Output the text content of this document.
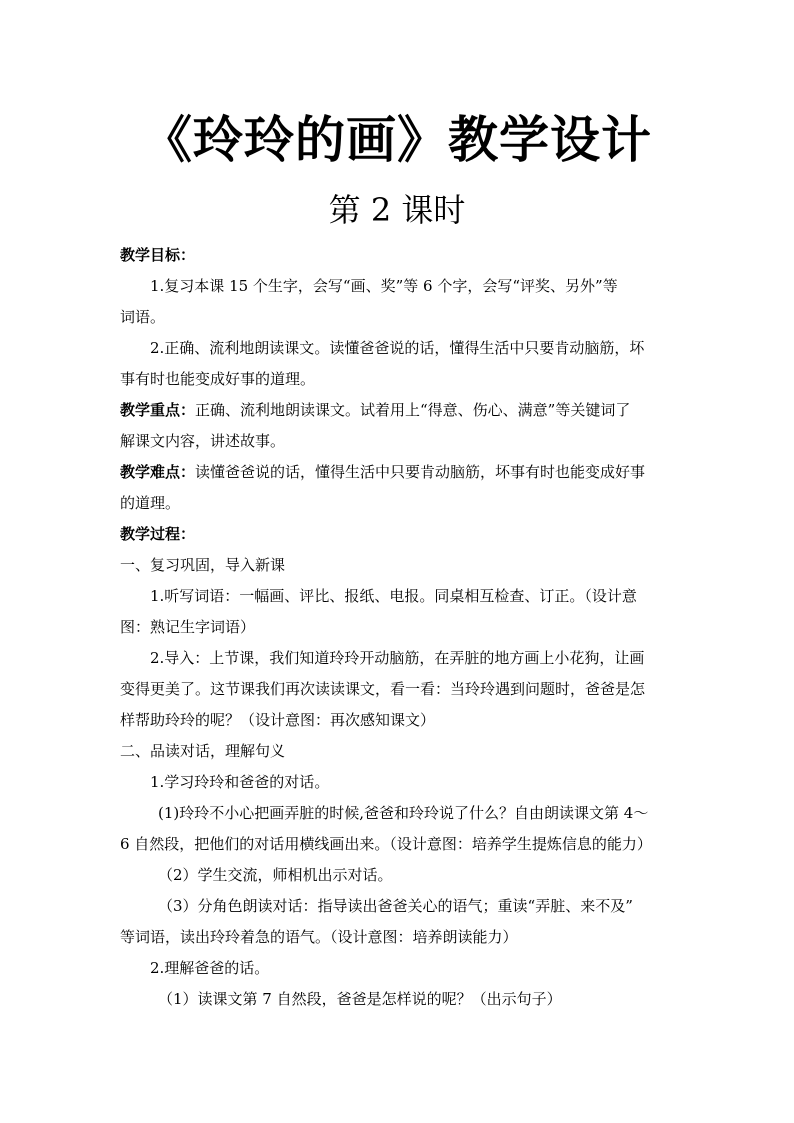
《玲玲的画》教学设计
第 2 课时
教学目标：
1.复习本课 15 个生字，会写“画、奖”等 6 个字，会写“评奖、另外”等
词语。
2.正确、流利地朗读课文。读懂爸爸说的话，懂得生活中只要肯动脑筋，坏
事有时也能变成好事的道理。
教学重点：正确、流利地朗读课文。试着用上“得意、伤心、满意”等关键词了
解课文内容，讲述故事。
教学难点：读懂爸爸说的话，懂得生活中只要肯动脑筋，坏事有时也能变成好事
的道理。
教学过程：
一、复习巩固，导入新课
1.听写词语：一幅画、评比、报纸、电报。同桌相互检查、订正。（设计意
图：熟记生字词语）
2.导入：上节课，我们知道玲玲开动脑筋，在弄脏的地方画上小花狗，让画
变得更美了。这节课我们再次读读课文，看一看：当玲玲遇到问题时，爸爸是怎
样帮助玲玲的呢？（设计意图：再次感知课文）
二、品读对话，理解句义
1.学习玲玲和爸爸的对话。
(1)玲玲不小心把画弄脏的时候,爸爸和玲玲说了什么？自由朗读课文第 4～
6 自然段，把他们的对话用横线画出来。（设计意图：培养学生提炼信息的能力）
（2）学生交流，师相机出示对话。
（3）分角色朗读对话：指导读出爸爸关心的语气；重读“弄脏、来不及”
等词语，读出玲玲着急的语气。（设计意图：培养朗读能力）
2.理解爸爸的话。
（1）读课文第 7 自然段，爸爸是怎样说的呢？（出示句子）
